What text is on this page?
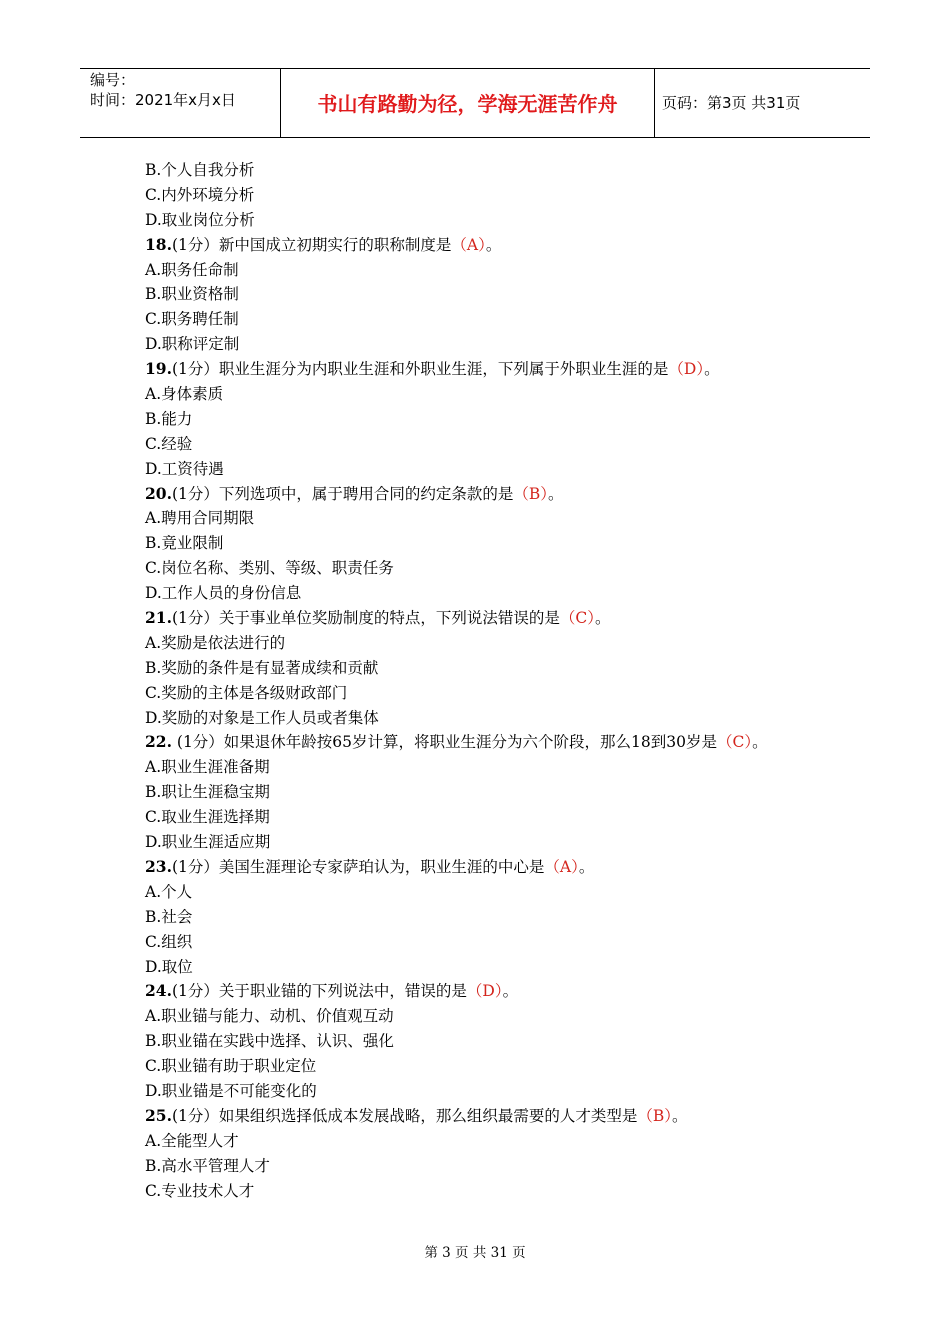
编号：
时间：2021年x月x日	书山有路勤为径，学海无涯苦作舟	页码：第3页 共31页
B.个人自我分析
C.内外环境分析
D.取业岗位分析
18.(1分）新中国成立初期实行的职称制度是（A）。
A.职务任命制
B.职业资格制
C.职务聘任制
D.职称评定制
19.(1分）职业生涯分为内职业生涯和外职业生涯，下列属于外职业生涯的是（D）。
A.身体素质
B.能力
C.经验
D.工资待遇
20.(1分）下列选项中，属于聘用合同的约定条款的是（B）。
A.聘用合同期限
B.竟业限制
C.岗位名称、类别、等级、职责任务
D.工作人员的身份信息
21.(1分）关于事业单位奖励制度的特点，下列说法错误的是（C）。
A.奖励是依法进行的
B.奖励的条件是有显著成续和贡献
C.奖励的主体是各级财政部门
D.奖励的对象是工作人员或者集体
22. (1分）如果退休年龄按65岁计算，将职业生涯分为六个阶段，那么18到30岁是（C）。
A.职业生涯准备期
B.职让生涯稳宝期
C.取业生涯选择期
D.职业生涯适应期
23.(1分）美国生涯理论专家萨珀认为，职业生涯的中心是（A）。
A.个人
B.社会
C.组织
D.取位
24.(1分）关于职业锚的下列说法中，错误的是（D）。
A.职业锚与能力、动机、价值观互动
B.职业锚在实践中选择、认识、强化
C.职业锚有助于职业定位
D.职业锚是不可能变化的
25.(1分）如果组织选择低成本发展战略，那么组织最需要的人才类型是（B）。
A.全能型人才
B.高水平管理人才
C.专业技术人才
第 3 页 共 31 页
